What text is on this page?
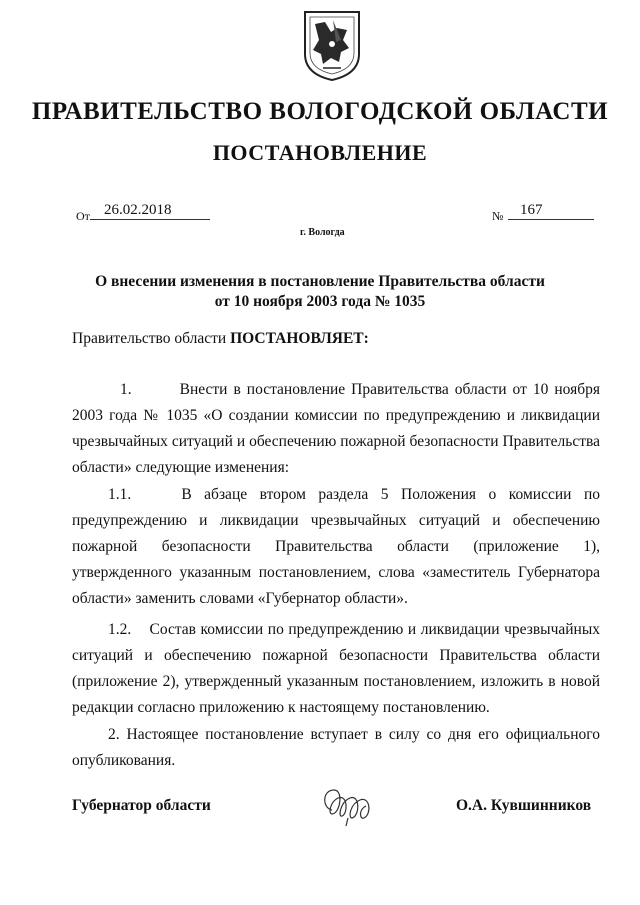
ПРАВИТЕЛЬСТВО ВОЛОГОДСКОЙ ОБЛАСТИ
ПОСТАНОВЛЕНИЕ
От 26.02.2018	№	167
г. Вологда
О внесении изменения в постановление Правительства области
от 10 ноября 2003 года № 1035
Правительство области ПОСТАНОВЛЯЕТ:
1.        Внести в постановление Правительства области от 10 ноября 2003 года № 1035 «О создании комиссии по предупреждению и ликвидации чрезвычайных ситуаций и обеспечению пожарной безопасности Правительства области» следующие изменения:
1.1.    В абзаце втором раздела 5 Положения о комиссии по предупреждению и ликвидации чрезвычайных ситуаций и обеспечению пожарной безопасности Правительства области (приложение 1), утвержденного указанным постановлением, слова «заместитель Губернатора области» заменить словами «Губернатор области».
1.2.    Состав комиссии по предупреждению и ликвидации чрезвычайных ситуаций и обеспечению пожарной безопасности Правительства области (приложение 2), утвержденный указанным постановлением, изложить в новой редакции согласно приложению к настоящему постановлению.
2. Настоящее постановление вступает в силу со дня его официального опубликования.
Губернатор области	О.А. Кувшинников
